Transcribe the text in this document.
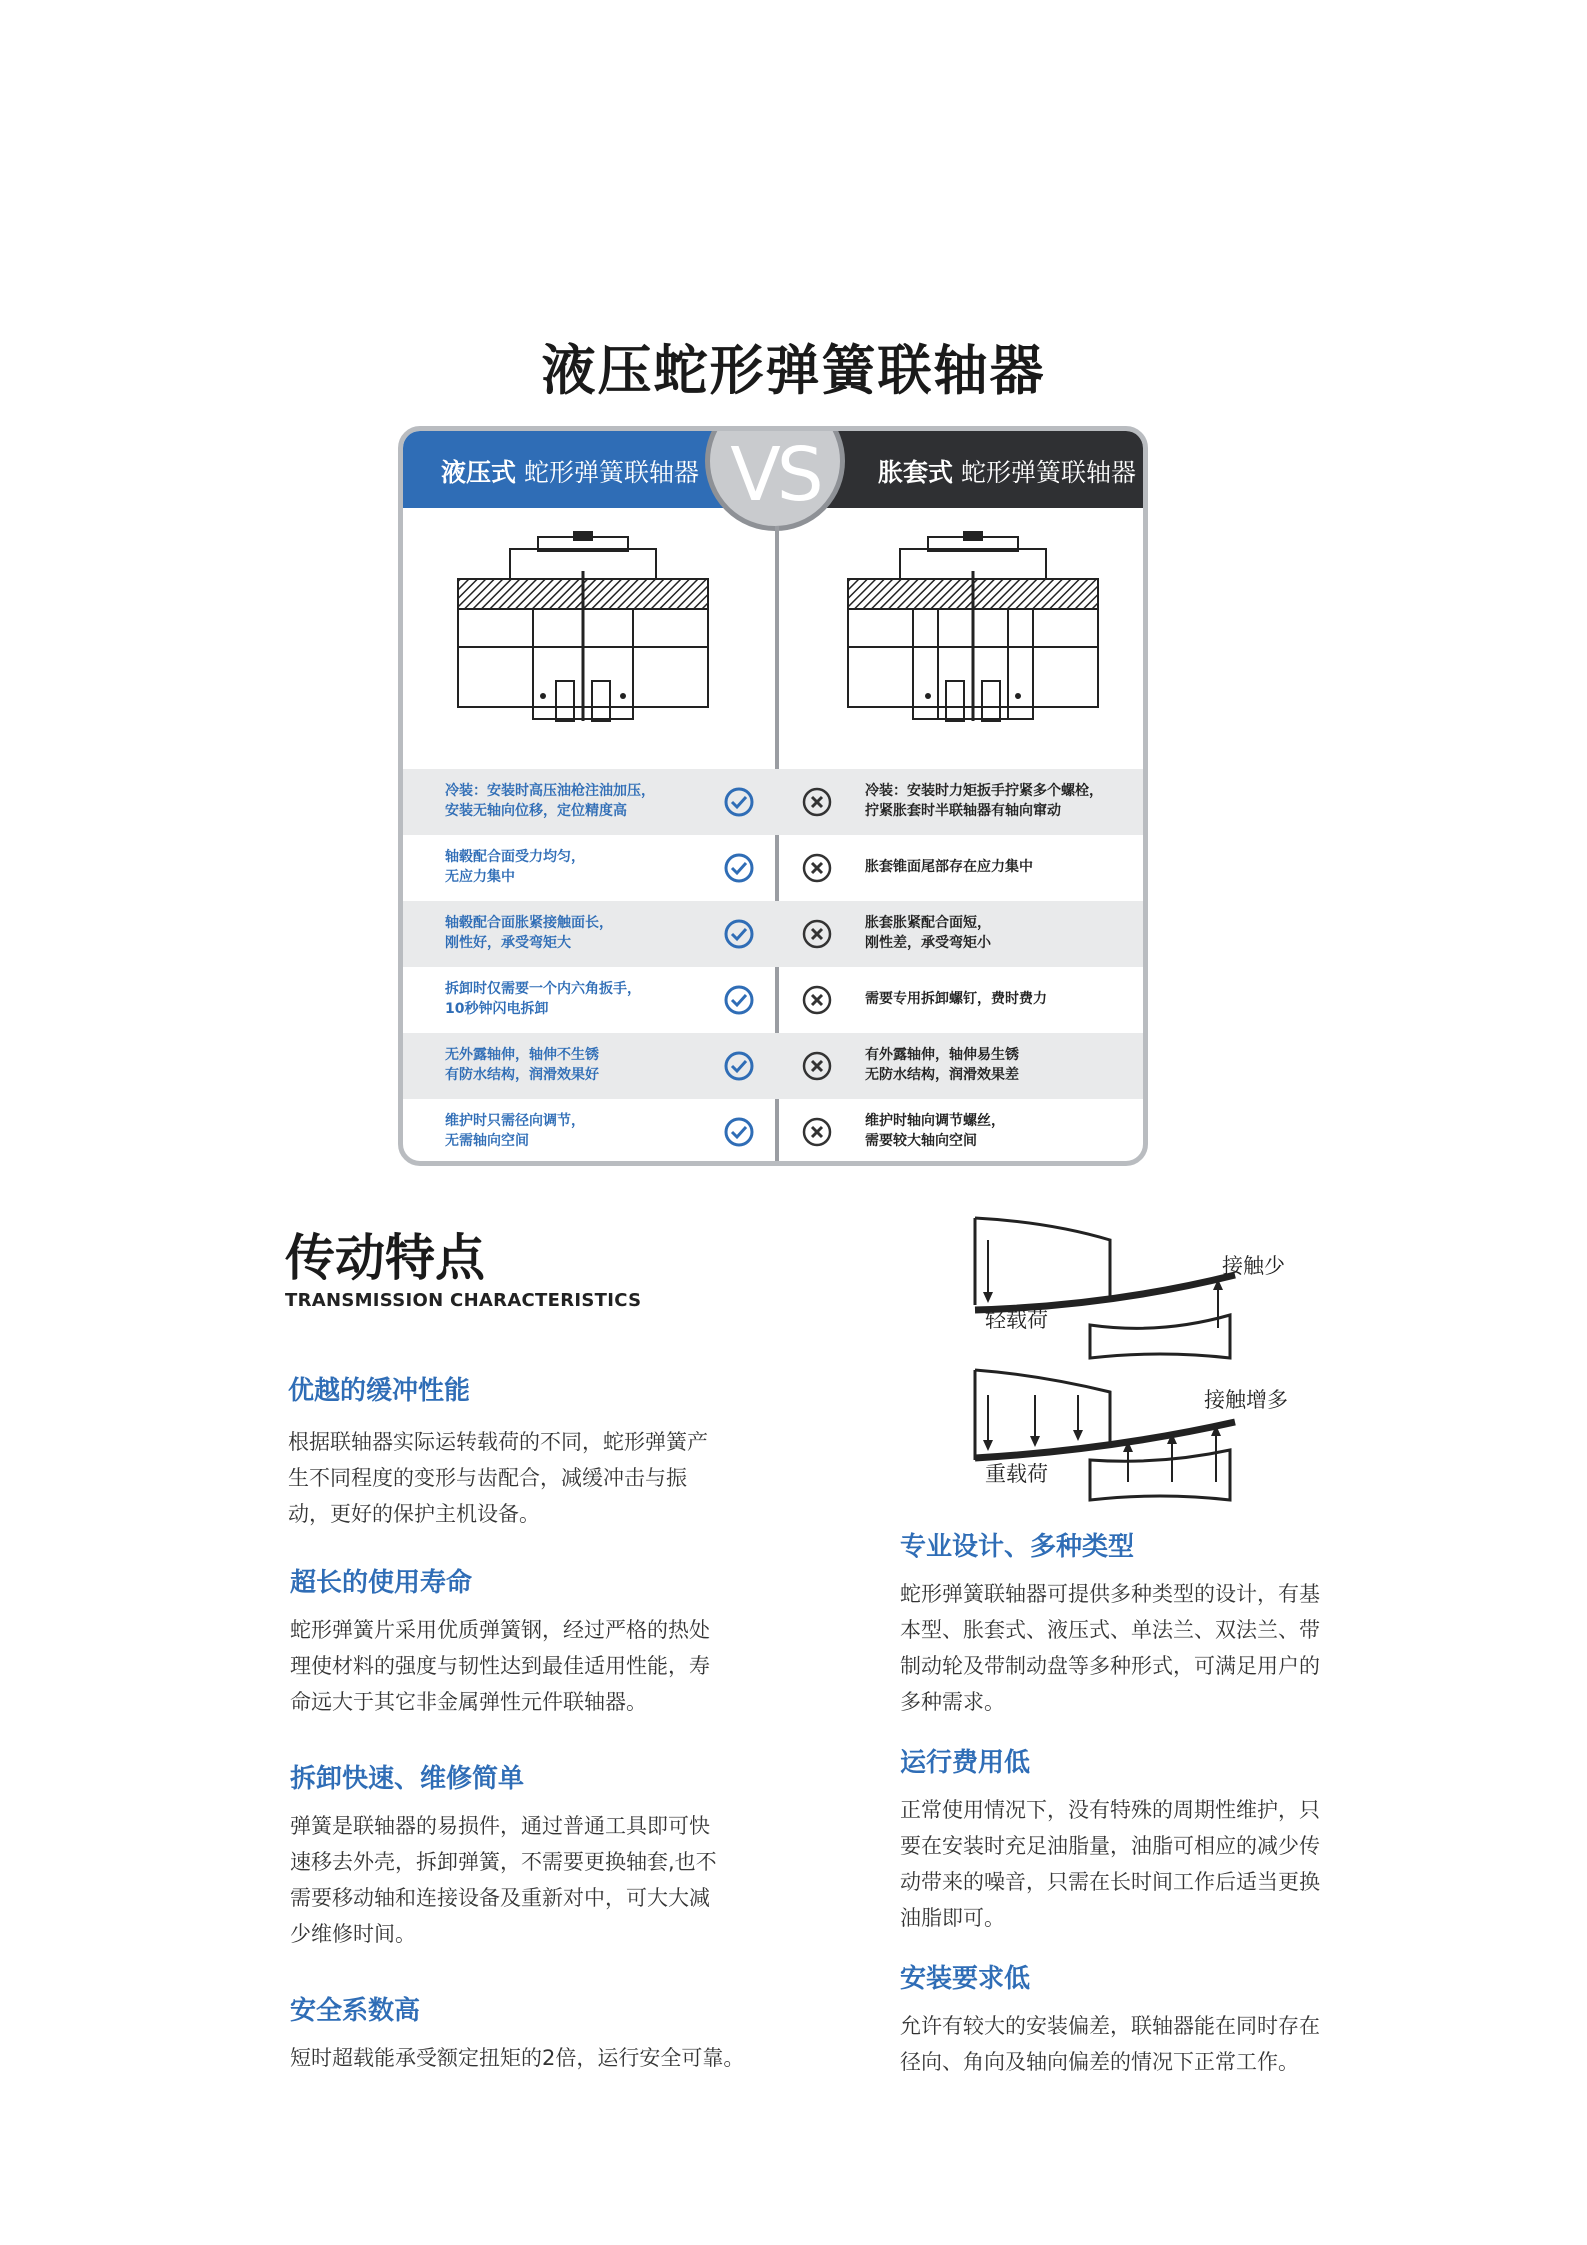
液压蛇形弹簧联轴器
液压式 蛇形弹簧联轴器	胀套式 蛇形弹簧联轴器
VS
冷装：安装时高压油枪注油加压，
安装无轴向位移，定位精度高
冷装：安装时力矩扳手拧紧多个螺栓，
拧紧胀套时半联轴器有轴向窜动
轴毂配合面受力均匀，
无应力集中
胀套锥面尾部存在应力集中
轴毂配合面胀紧接触面长，
刚性好，承受弯矩大
胀套胀紧配合面短，
刚性差，承受弯矩小
拆卸时仅需要一个内六角扳手，
10秒钟闪电拆卸
需要专用拆卸螺钉，费时费力
无外露轴伸，轴伸不生锈
有防水结构，润滑效果好
有外露轴伸，轴伸易生锈
无防水结构，润滑效果差
维护时只需径向调节，
无需轴向空间
维护时轴向调节螺丝，
需要较大轴向空间
传动特点
TRANSMISSION CHARACTERISTICS
接触少
轻载荷
接触增多
重载荷
优越的缓冲性能
根据联轴器实际运转载荷的不同，蛇形弹簧产
生不同程度的变形与齿配合，减缓冲击与振
动，更好的保护主机设备。
超长的使用寿命
蛇形弹簧片采用优质弹簧钢，经过严格的热处
理使材料的强度与韧性达到最佳适用性能，寿
命远大于其它非金属弹性元件联轴器。
拆卸快速、维修简单
弹簧是联轴器的易损件，通过普通工具即可快
速移去外壳，拆卸弹簧，不需要更换轴套,也不
需要移动轴和连接设备及重新对中，可大大减
少维修时间。
安全系数高
短时超载能承受额定扭矩的2倍，运行安全可靠。
专业设计、多种类型
蛇形弹簧联轴器可提供多种类型的设计，有基
本型、胀套式、液压式、单法兰、双法兰、带
制动轮及带制动盘等多种形式，可满足用户的
多种需求。
运行费用低
正常使用情况下，没有特殊的周期性维护，只
要在安装时充足油脂量，油脂可相应的减少传
动带来的噪音，只需在长时间工作后适当更换
油脂即可。
安装要求低
允许有较大的安装偏差，联轴器能在同时存在
径向、角向及轴向偏差的情况下正常工作。
